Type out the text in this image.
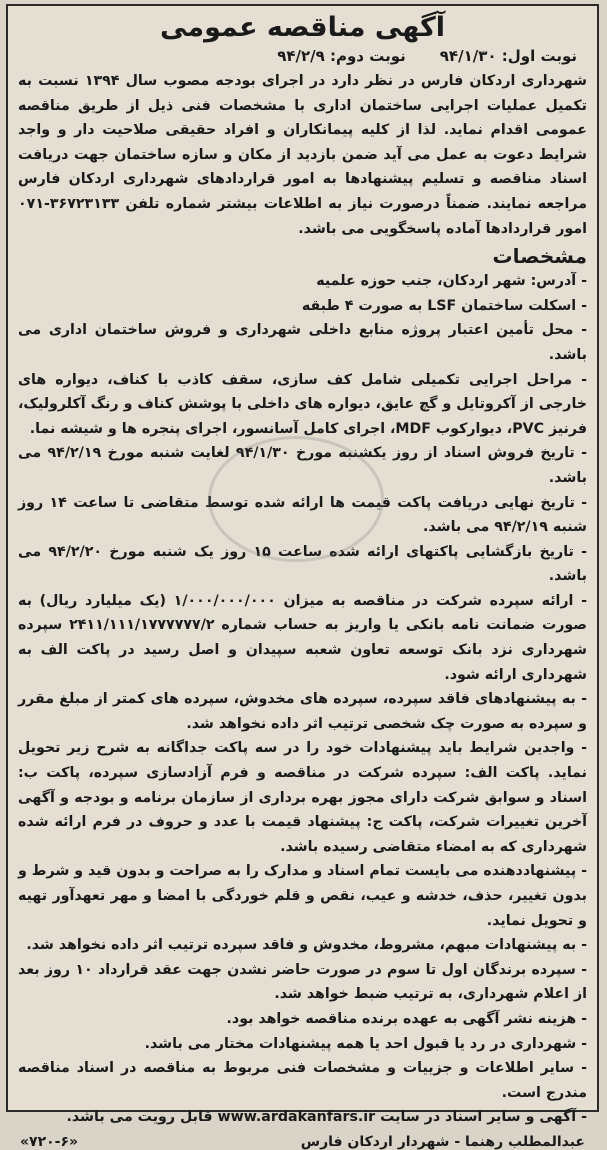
آگهی مناقصه عمومی
نوبت اول: ۹۴/۱/۳۰
نوبت دوم: ۹۴/۲/۹

شهرداری اردکان فارس در نظر دارد در اجرای بودجه مصوب سال ۱۳۹۴ نسبت به تکمیل عملیات اجرایی ساختمان اداری با مشخصات فنی ذیل از طریق مناقصه عمومی اقدام نماید. لذا از کلیه پیمانکاران و افراد حقیقی صلاحیت دار و واجد شرایط دعوت به عمل می آید ضمن بازدید از مکان و سازه ساختمان جهت دریافت اسناد مناقصه و تسلیم پیشنهادها به امور قراردادهای شهرداری اردکان فارس مراجعه نمایند. ضمناً درصورت نیاز به اطلاعات بیشتر شماره تلفن ۳۶۷۲۳۱۳۳-۰۷۱ امور قراردادها آماده پاسخگویی می باشد.

مشخصات
- آدرس: شهر اردکان، جنب حوزه علمیه
- اسکلت ساختمان LSF به صورت ۴ طبقه
- محل تأمین اعتبار پروژه منابع داخلی شهرداری و فروش ساختمان اداری می باشد.
- مراحل اجرایی تکمیلی شامل کف سازی، سقف کاذب با کناف، دیواره های خارجی از آکروتایل و گچ عایق، دیواره های داخلی با پوشش کناف و رنگ آکلرولیک، فرنیز PVC، دیوارکوب MDF، اجرای کامل آسانسور، اجرای پنجره ها و شیشه نما.
- تاریخ فروش اسناد از روز یکشنبه مورخ ۹۴/۱/۳۰ لغایت شنبه مورخ ۹۴/۲/۱۹ می باشد.
- تاریخ نهایی دریافت پاکت قیمت ها ارائه شده توسط متقاضی تا ساعت ۱۴ روز شنبه ۹۴/۲/۱۹ می باشد.
- تاریخ بازگشایی پاکتهای ارائه شده ساعت ۱۵ روز یک شنبه مورخ ۹۴/۲/۲۰ می باشد.
- ارائه سپرده شرکت در مناقصه به میزان ۱/۰۰۰/۰۰۰/۰۰۰ (یک میلیارد ریال) به صورت ضمانت نامه بانکی یا واریز به حساب شماره ۲۴۱۱/۱۱۱/۱۷۷۷۷۷۷/۲ سپرده شهرداری نزد بانک توسعه تعاون شعبه سپیدان و اصل رسید در پاکت الف به شهرداری ارائه شود.
- به پیشنهادهای فاقد سپرده، سپرده های مخدوش، سپرده های کمتر از مبلغ مقرر و سپرده به صورت چک شخصی ترتیب اثر داده نخواهد شد.
- واجدین شرایط باید پیشنهادات خود را در سه پاکت جداگانه به شرح زیر تحویل نماید. پاکت الف: سپرده شرکت در مناقصه و فرم آزادسازی سپرده، پاکت ب: اسناد و سوابق شرکت دارای مجوز بهره برداری از سازمان برنامه و بودجه و آگهی آخرین تغییرات شرکت، پاکت ج: پیشنهاد قیمت با عدد و حروف در فرم ارائه شده شهرداری که به امضاء متقاضی رسیده باشد.
- پیشنهاددهنده می بایست تمام اسناد و مدارک را به صراحت و بدون قید و شرط و بدون تغییر، حذف، خدشه و عیب، نقص و قلم خوردگی با امضا و مهر تعهدآور تهیه و تحویل نماید.
- به پیشنهادات مبهم، مشروط، مخدوش و فاقد سپرده ترتیب اثر داده نخواهد شد.
- سپرده برندگان اول تا سوم در صورت حاضر نشدن جهت عقد قرارداد ۱۰ روز بعد از اعلام شهرداری، به ترتیب ضبط خواهد شد.
- هزینه نشر آگهی به عهده برنده مناقصه خواهد بود.
- شهرداری در رد یا قبول احد یا همه پیشنهادات مختار می باشد.
- سایر اطلاعات و جزییات و مشخصات فنی مربوط به مناقصه در اسناد مناقصه مندرج است.
- آگهی و سایر اسناد در سایت www.ardakanfars.ir قابل رویت می باشد.
عبدالمطلب رهنما - شهردار اردکان فارس
«۷۲۰-۶»
